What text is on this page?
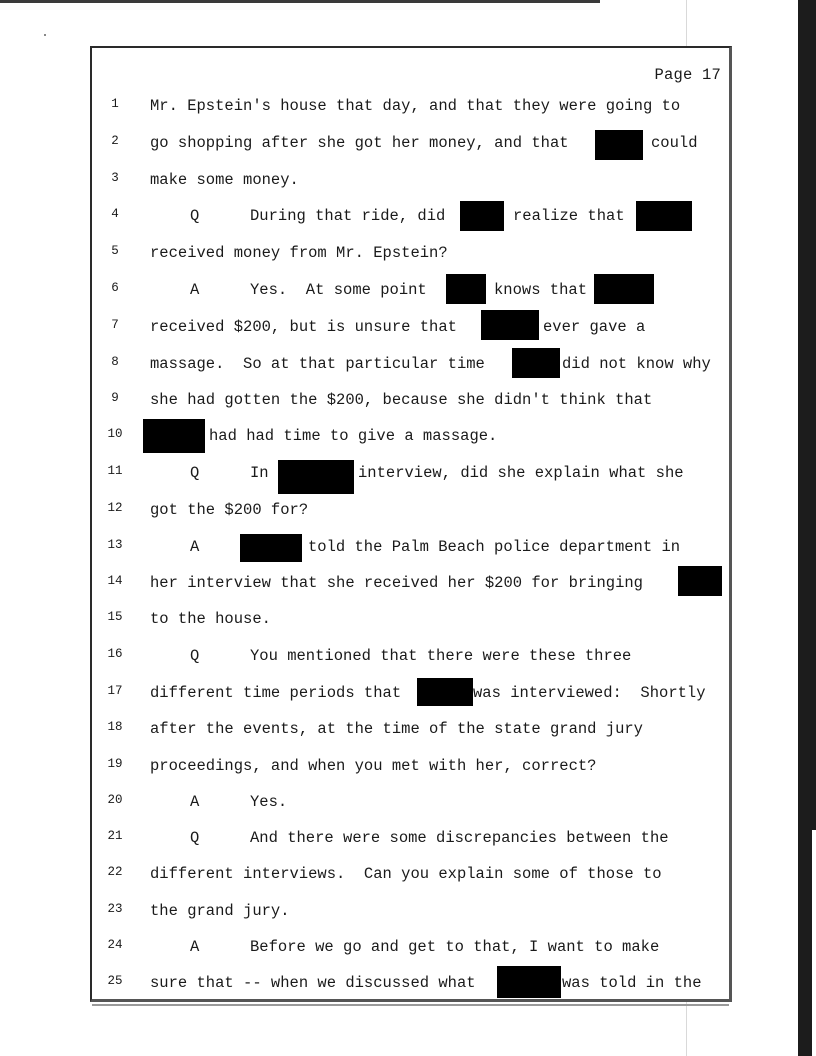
Page 17
1	Mr. Epstein's house that day, and that they were going to
2	go shopping after she got her money, and that	could
3	make some money.
4	Q	During that ride, did	realize that
5	received money from Mr. Epstein?
6	A	Yes.  At some point	knows that
7	received $200, but is unsure that	ever gave a
8	massage.  So at that particular time	did not know why
9	she had gotten the $200, because she didn't think that
10	had had time to give a massage.
11	Q	In	interview, did she explain what she
12	got the $200 for?
13	A	told the Palm Beach police department in
14	her interview that she received her $200 for bringing
15	to the house.
16	Q	You mentioned that there were these three
17	different time periods that	was interviewed:  Shortly
18	after the events, at the time of the state grand jury
19	proceedings, and when you met with her, correct?
20	A	Yes.
21	Q	And there were some discrepancies between the
22	different interviews.  Can you explain some of those to
23	the grand jury.
24	A	Before we go and get to that, I want to make
25	sure that -- when we discussed what	was told in the
